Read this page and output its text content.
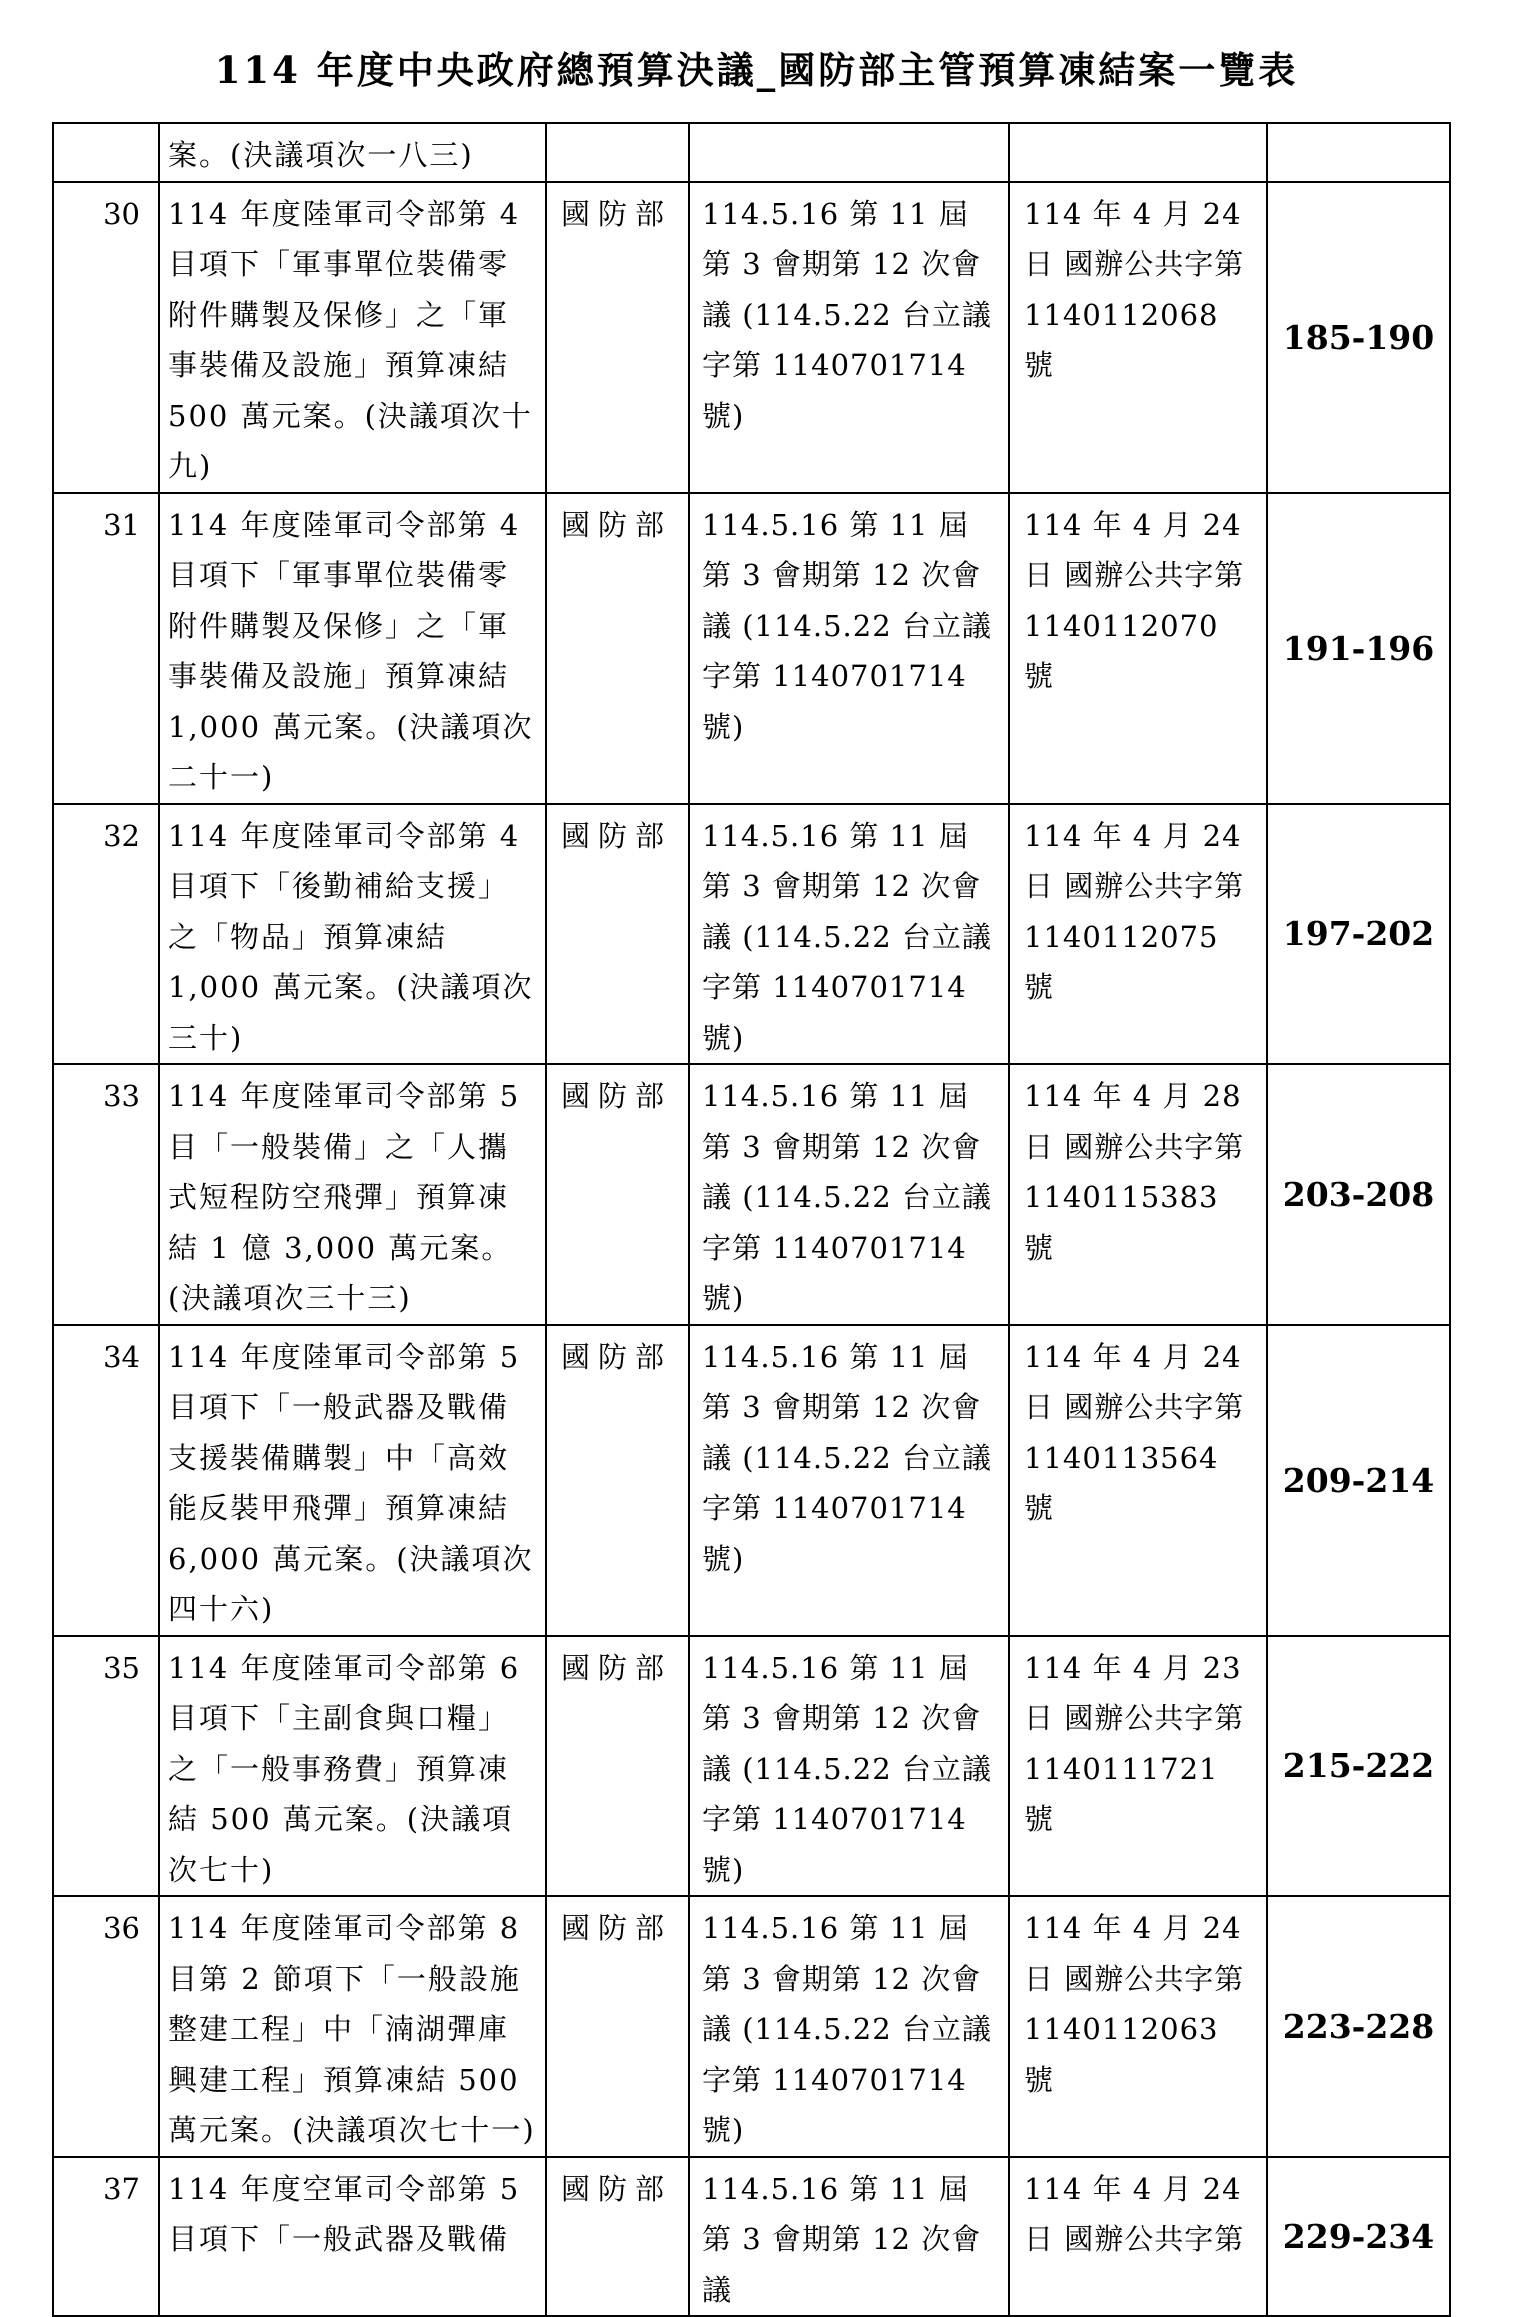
114 年度中央政府總預算決議_國防部主管預算凍結案一覽表
	案。(決議項次一八三)				
30	114 年度陸軍司令部第 4 目項下「軍事單位裝備零附件購製及保修」之「軍事裝備及設施」預算凍結 500 萬元案。(決議項次十九)	國防部	114.5.16 第 11 屆第 3 會期第 12 次會議 (114.5.22 台立議字第 1140701714 號)	114 年 4 月 24 日 國辦公共字第 1140112068 號	185-190
31	114 年度陸軍司令部第 4 目項下「軍事單位裝備零附件購製及保修」之「軍事裝備及設施」預算凍結 1,000 萬元案。(決議項次二十一)	國防部	114.5.16 第 11 屆第 3 會期第 12 次會議 (114.5.22 台立議字第 1140701714 號)	114 年 4 月 24 日 國辦公共字第 1140112070 號	191-196
32	114 年度陸軍司令部第 4 目項下「後勤補給支援」之「物品」預算凍結 1,000 萬元案。(決議項次三十)	國防部	114.5.16 第 11 屆第 3 會期第 12 次會議 (114.5.22 台立議字第 1140701714 號)	114 年 4 月 24 日 國辦公共字第 1140112075 號	197-202
33	114 年度陸軍司令部第 5 目「一般裝備」之「人攜式短程防空飛彈」預算凍結 1 億 3,000 萬元案。(決議項次三十三)	國防部	114.5.16 第 11 屆第 3 會期第 12 次會議 (114.5.22 台立議字第 1140701714 號)	114 年 4 月 28 日 國辦公共字第 1140115383 號	203-208
34	114 年度陸軍司令部第 5 目項下「一般武器及戰備支援裝備購製」中「高效能反裝甲飛彈」預算凍結 6,000 萬元案。(決議項次四十六)	國防部	114.5.16 第 11 屆第 3 會期第 12 次會議 (114.5.22 台立議字第 1140701714 號)	114 年 4 月 24 日 國辦公共字第 1140113564 號	209-214
35	114 年度陸軍司令部第 6 目項下「主副食與口糧」之「一般事務費」預算凍結 500 萬元案。(決議項次七十)	國防部	114.5.16 第 11 屆第 3 會期第 12 次會議 (114.5.22 台立議字第 1140701714 號)	114 年 4 月 23 日 國辦公共字第 1140111721 號	215-222
36	114 年度陸軍司令部第 8 目第 2 節項下「一般設施整建工程」中「湳湖彈庫興建工程」預算凍結 500 萬元案。(決議項次七十一)	國防部	114.5.16 第 11 屆第 3 會期第 12 次會議 (114.5.22 台立議字第 1140701714 號)	114 年 4 月 24 日 國辦公共字第 1140112063 號	223-228
37	114 年度空軍司令部第 5 目項下「一般武器及戰備	國防部	114.5.16 第 11 屆第 3 會期第 12 次會議	114 年 4 月 24 日 國辦公共字第	229-234
